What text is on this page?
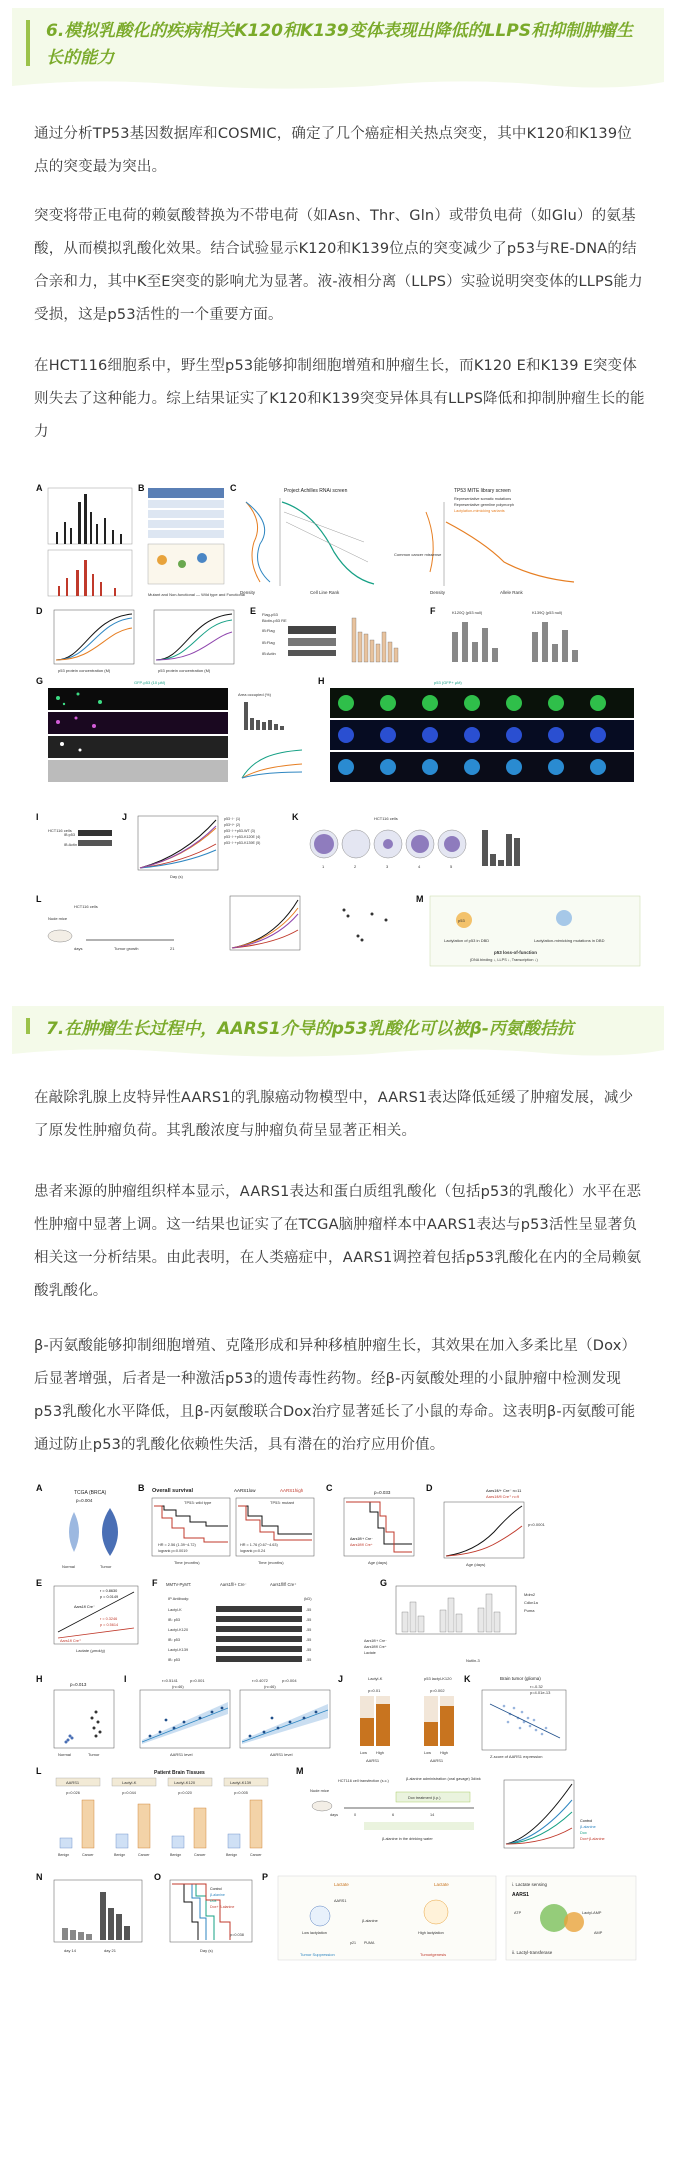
6.模拟乳酸化的疾病相关K120和K139变体表现出降低的LLPS和抑制肿瘤生长的能力

通过分析TP53基因数据库和COSMIC，确定了几个癌症相关热点突变，其中K120和K139位点的突变最为突出。

突变将带正电荷的赖氨酸替换为不带电荷（如Asn、Thr、Gln）或带负电荷（如Glu）的氨基酸，从而模拟乳酸化效果。结合试验显示K120和K139位点的突变减少了p53与RE-DNA的结合亲和力，其中K至E突变的影响尤为显著。液-液相分离（LLPS）实验说明突变体的LLPS能力受损，这是p53活性的一个重要方面。

在HCT116细胞系中，野生型p53能够抑制细胞增殖和肿瘤生长，而K120 E和K139 E突变体则失去了这种能力。综上结果证实了K120和K139突变异体具有LLPS降低和抑制肿瘤生长的能力

A	B
Mutant and Non-functional — Wild type and Functional
C	Project Achilles RNAi screen
Density	Cell Line Rank
TP53 MITE library screen
Representative somatic mutations
Representative germline polymorph
Lactylation-mimicking variants
Common cancer missense
Density	Allele Rank
D
p53 protein concentration (M)	p53 protein concentration (M)
E Flag-p53
Biotin-p53 RE
IB:Flag
IB:Flag
IB:Actin
F	K120Q (p53 null)	K139Q (p53 null)
G	GFP-p53 (10 μM)
Area occupied (%)
H	p53 (GFP+ μM)
I
HCT116 cells
IB:p53
IB:Actin
J	p53⁻/⁻ (1)
p53⁺/⁺ (2)
p53⁻/⁻+p53-WT (3)
p53⁻/⁻+p53-K120E (4)
p53⁻/⁻+p53-K139E (5)
Day (s)
K	HCT116 cells
1	2	3	4	5
L
Nude mice
HCT116 cells
days	Tumor growth	21
M
p53
Lactylation of p53 in DBD	Lactylation-mimicking mutations in DBD
p53 loss-of-function
(DNA binding ↓, LLPS ↓, Transcription ↓)
7.在肿瘤生长过程中，AARS1介导的p53乳酸化可以被β-丙氨酸拮抗

在敲除乳腺上皮特异性AARS1的乳腺癌动物模型中，AARS1表达降低延缓了肿瘤发展，减少了原发性肿瘤负荷。其乳酸浓度与肿瘤负荷呈显著正相关。

患者来源的肿瘤组织样本显示，AARS1表达和蛋白质组乳酸化（包括p53的乳酸化）水平在恶性肿瘤中显著上调。这一结果也证实了在TCGA脑肿瘤样本中AARS1表达与p53活性呈显著负相关这一分析结果。由此表明，在人类癌症中，AARS1调控着包括p53乳酸化在内的全局赖氨酸乳酸化。

β-丙氨酸能够抑制细胞增殖、克隆形成和异种移植肿瘤生长，其效果在加入多柔比星（Dox）后显著增强，后者是一种激活p53的遗传毒性药物。经β-丙氨酸处理的小鼠肿瘤中检测发现p53乳酸化水平降低，且β-丙氨酸联合Dox治疗显著延长了小鼠的寿命。这表明β-丙氨酸可能通过防止p53的乳酸化依赖性失活，具有潜在的治疗应用价值。

A	TCGA (BRCA)
p=0.004
Normal	Tumor
B Overall survival	AARS1low	AARS1high
TP53: wild type	TP53: mutant
HR = 2.56 (1.39~4.72)
logrank p=0.0019
HR = 1.76 (0.67~4.63)
logrank p=0.24
Time (months)	Time (months)
C	p=0.033
Aars1fl/+ Cre⁻
Aars1fl/fl Cre⁺
Age (days)
D	Aars1fl/+ Cre⁻ n=11
Aars1fl/fl Cre⁺ n=9
p<0.0001
Age (days)
E
r = 0.8630
p = 0.0149
r = 0.3246
p = 0.5614
Aars1fl Cre⁻
Aars1fl Cre⁺
Lactate (μmol/g)
F MMTV-PyMT:	Aars1fl/+ Cre⁻	Aars1fl/fl Cre⁺
IP Antibody:	(kD)
Lactyl-K
IB: p53
Lactyl-K120
IB: p53
Lactyl-K139
IB: p53
-55
-55
-55
-55
-55
-55
G
Mdm2
Cdkn1a
Puma
Aars1fl/+ Cre⁻
Aars1fl/fl Cre⁺
Lactate
Nutlin-3
H
p=0.013
Normal	Tumor
I	r=0.5141	p=0.001
(n=46)
r=0.4072	p=0.004
(n=46)
AARS1 level	AARS1 level
J	Lactyl-K
p=0.01
p53 lactyl-K120
p=0.002
Low High	Low High
AARS1	AARS1
K	Brain tumor (glioma)
r=-0.32
p=4.01e-13
Z-score of AARS1 expression
L	Patient Brain Tissues
AARS1	Lactyl-K	Lactyl-K120	Lactyl-K139
p=0.026	p=0.044	p=0.020	p=0.005
Benign	Cancer	Benign	Cancer	Benign	Cancer	Benign	Cancer
M
Nude mice
HCT116 cell transfection (s.c.)	β-alanine administration (oral gavage) 3d/wk
Dox treatment (i.p.)
days	0	6	14
β-alanine in the drinking water
Control
β-alanine
Dox
Dox+β-alanine
N
day 14	day 21
O
Control
β-alanine
Dox
Dox+ β-alanine
p=0.038
Day (s)
P
Lactate	Lactate
AARS1
Low lactylation	High lactylation
β-alanine
Tumor Suppression	Tumorigenesis
p21 PUMA
i. Lactate sensing
AARS1
Lactyl-AMP
ATP
AMP
ii. Lactyl-transferase
